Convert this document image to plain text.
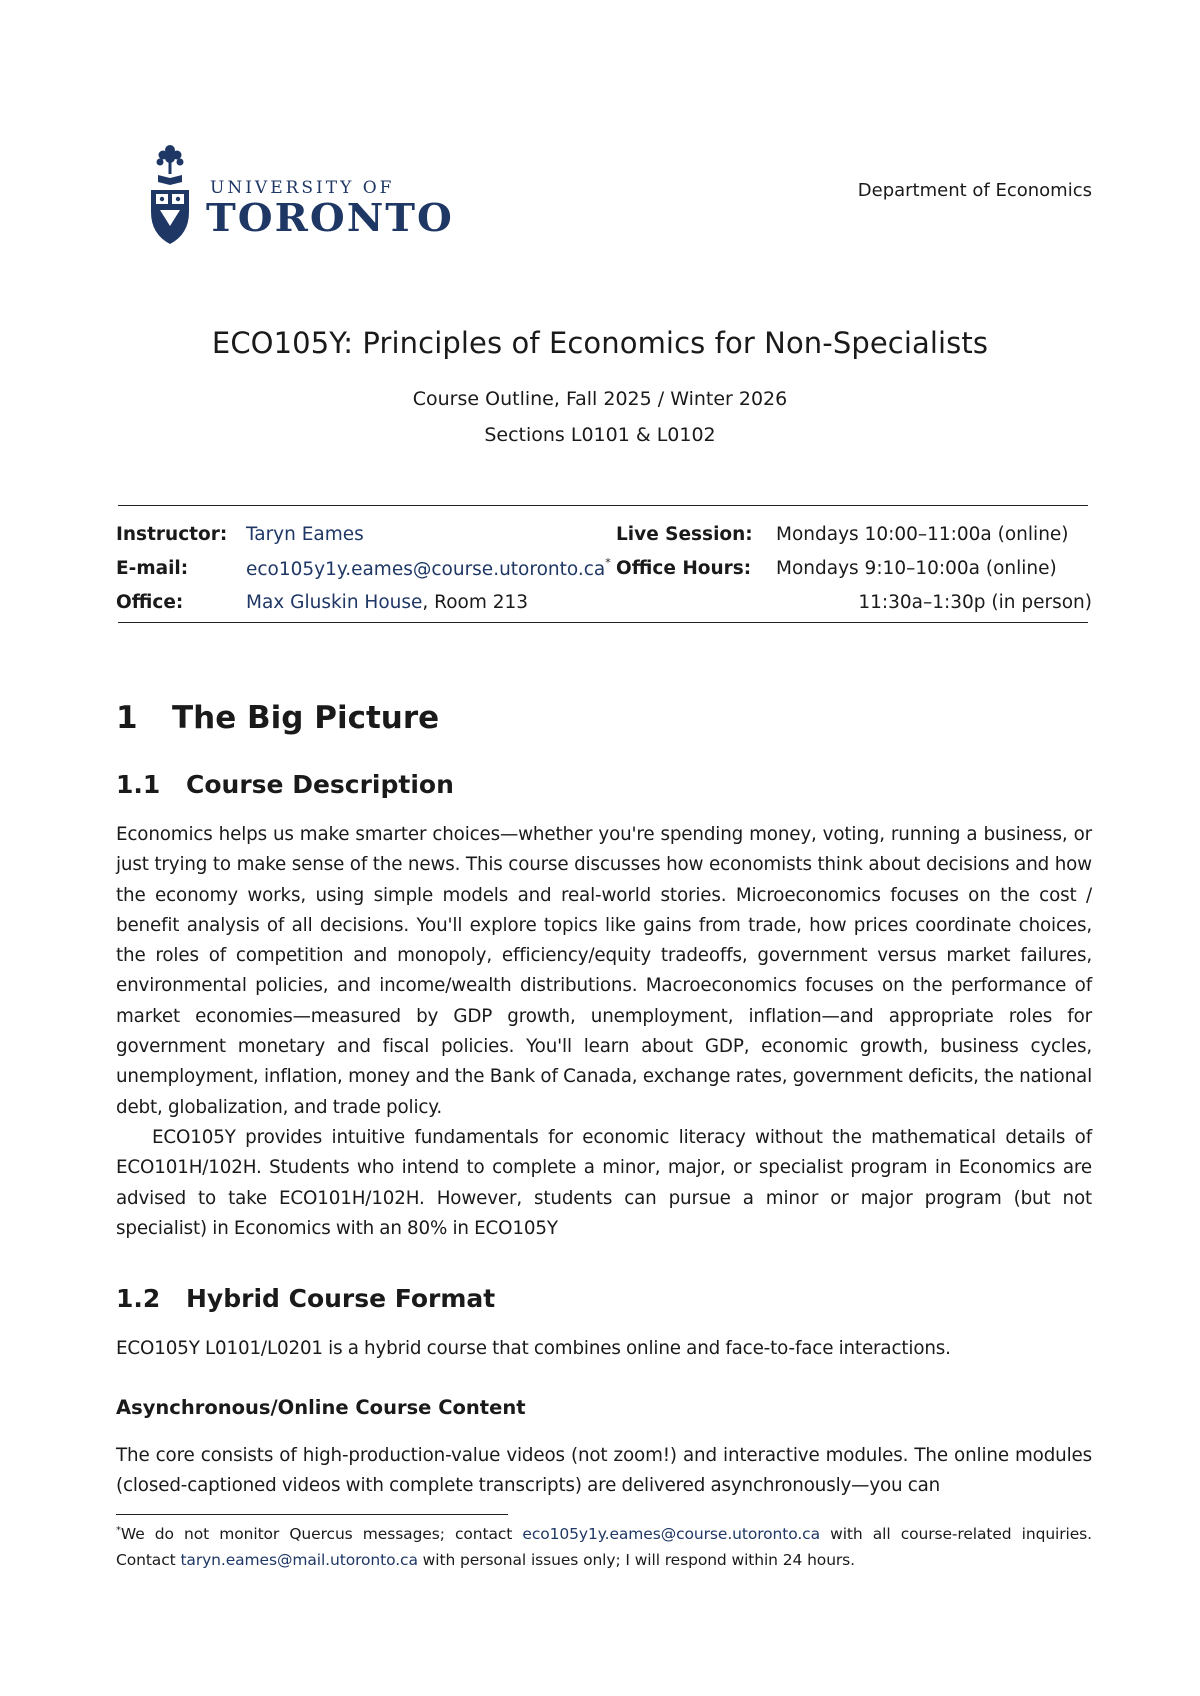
UNIVERSITY OF
TORONTO
Department of Economics
ECO105Y: Principles of Economics for Non-Specialists
Course Outline, Fall 2025 / Winter 2026
Sections L0101 & L0102
Instructor: Taryn Eames
E-mail:	eco105y1y.eames@course.utoronto.ca*
Office:	Max Gluskin House, Room 213
Live Session: Mondays 10:00–11:00a (online)
Office Hours: Mondays 9:10–10:00a (online)
11:30a–1:30p (in person)
1 The Big Picture
1.1 Course Description
Economics helps us make smarter choices—whether you're spending money, voting, running a business, or just trying to make sense of the news. This course discusses how economists think about decisions and how the economy works, using simple models and real-world stories. Microeconomics focuses on the cost / benefit analysis of all decisions. You'll explore topics like gains from trade, how prices coordinate choices, the roles of competition and monopoly, efficiency/equity tradeoffs, government versus market failures, environmental policies, and income/wealth distributions. Macroeconomics focuses on the performance of market economies—measured by GDP growth, unemployment, inflation—and appropriate roles for government monetary and fiscal policies. You'll learn about GDP, economic growth, business cycles, unemployment, inflation, money and the Bank of Canada, exchange rates, government deficits, the national debt, globalization, and trade policy.
ECO105Y provides intuitive fundamentals for economic literacy without the mathematical details of ECO101H/102H. Students who intend to complete a minor, major, or specialist program in Economics are advised to take ECO101H/102H. However, students can pursue a minor or major program (but not specialist) in Economics with an 80% in ECO105Y
1.2 Hybrid Course Format
ECO105Y L0101/L0201 is a hybrid course that combines online and face-to-face interactions.
Asynchronous/Online Course Content
The core consists of high-production-value videos (not zoom!) and interactive modules. The online modules (closed-captioned videos with complete transcripts) are delivered asynchronously—you can
*We do not monitor Quercus messages; contact eco105y1y.eames@course.utoronto.ca with all course-related inquiries. Contact taryn.eames@mail.utoronto.ca with personal issues only; I will respond within 24 hours.
